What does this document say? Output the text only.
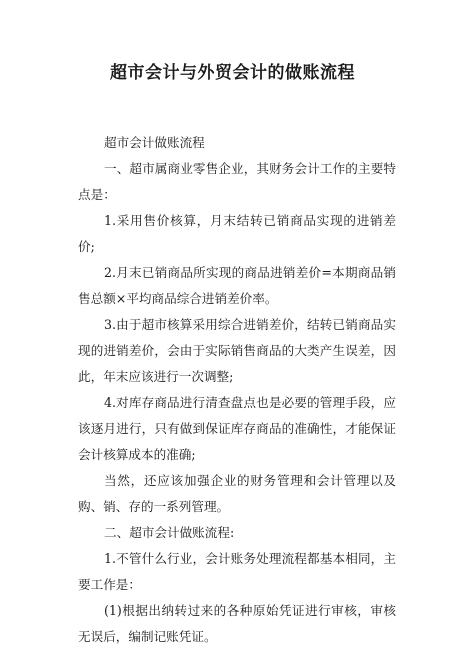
超市会计与外贸会计的做账流程

超市会计做账流程

一、超市属商业零售企业，其财务会计工作的主要特点是：

1.采用售价核算，月末结转已销商品实现的进销差价;

2.月末已销商品所实现的商品进销差价=本期商品销售总额×平均商品综合进销差价率。

3.由于超市核算采用综合进销差价，结转已销商品实现的进销差价，会由于实际销售商品的大类产生误差，因此，年末应该进行一次调整;

4.对库存商品进行清查盘点也是必要的管理手段，应该逐月进行，只有做到保证库存商品的准确性，才能保证会计核算成本的准确;

当然，还应该加强企业的财务管理和会计管理以及购、销、存的一系列管理。

二、超市会计做账流程:

1.不管什么行业，会计账务处理流程都基本相同，主要工作是：

(1)根据出纳转过来的各种原始凭证进行审核，审核无误后，编制记账凭证。
